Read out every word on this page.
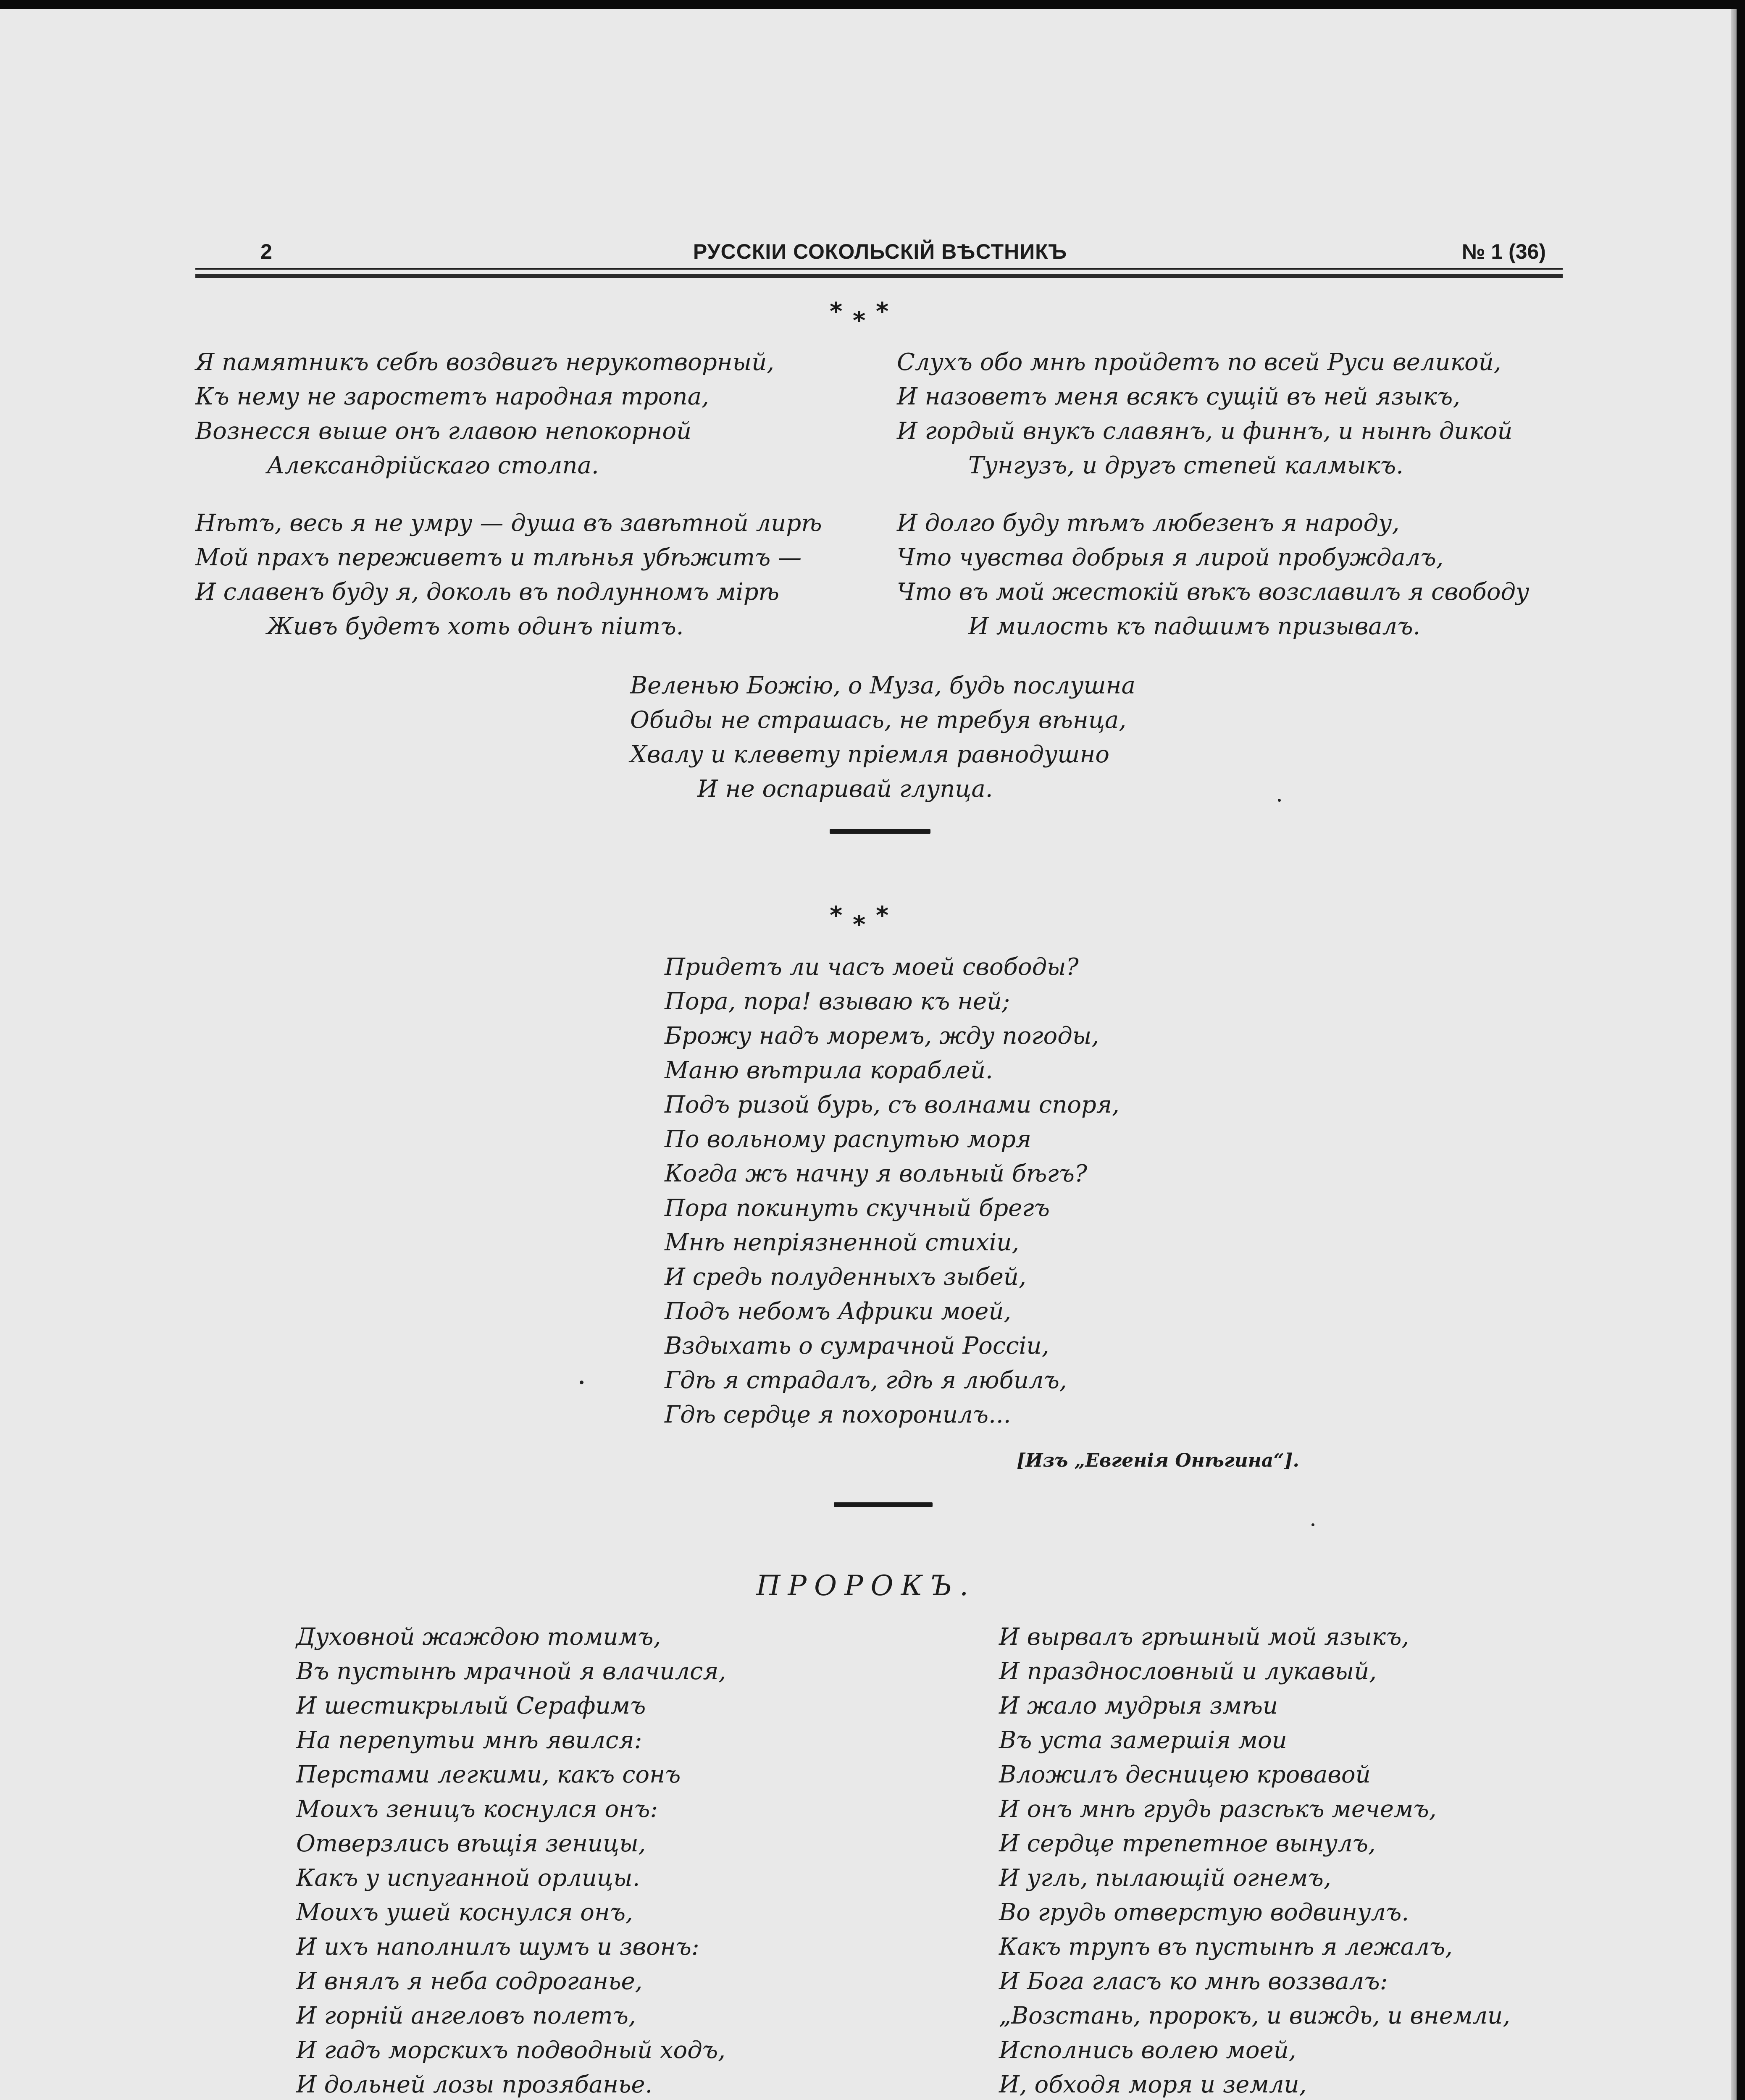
2	РУССКІИ СОКОЛЬСКІЙ ВѢСТНИКЪ	№ 1 (36)
* * *
Я памятникъ себѣ воздвигъ нерукотворный,
Къ нему не заростетъ народная тропа,
Вознесся выше онъ главою непокорной
Александрійскаго столпа.
Нѣтъ, весь я не умру — душа въ завѣтной лирѣ
Мой прахъ переживетъ и тлѣнья убѣжитъ —
И славенъ буду я, доколь въ подлунномъ мірѣ
Живъ будетъ хоть одинъ піитъ.
Слухъ обо мнѣ пройдетъ по всей Руси великой,
И назоветъ меня всякъ сущій въ ней языкъ,
И гордый внукъ славянъ, и финнъ, и нынѣ дикой
Тунгузъ, и другъ степей калмыкъ.
И долго буду тѣмъ любезенъ я народу,
Что чувства добрыя я лирой пробуждалъ,
Что въ мой жестокій вѣкъ возславилъ я свободу
И милость къ падшимъ призывалъ.
Веленью Божію, о Муза, будь послушна
Обиды не страшась, не требуя вѣнца,
Хвалу и клевету пріемля равнодушно
И не оспаривай глупца.
* * *
Придетъ ли часъ моей свободы?
Пора, пора! взываю къ ней;
Брожу надъ моремъ, жду погоды,
Маню вѣтрила кораблей.
Подъ ризой бурь, съ волнами споря,
По вольному распутью моря
Когда жъ начну я вольный бѣгъ?
Пора покинуть скучный брегъ
Мнѣ непріязненной стихіи,
И средь полуденныхъ зыбей,
Подъ небомъ Африки моей,
Вздыхать о сумрачной Россіи,
Гдѣ я страдалъ, гдѣ я любилъ,
Гдѣ сердце я похоронилъ...
[Изъ „Евгенія Онѣгина“].
ПРОРОКЪ.
Духовной жаждою томимъ,
Въ пустынѣ мрачной я влачился,
И шестикрылый Серафимъ
На перепутьи мнѣ явился:
Перстами легкими, какъ сонъ
Моихъ зеницъ коснулся онъ:
Отверзлись вѣщія зеницы,
Какъ у испуганной орлицы.
Моихъ ушей коснулся онъ,
И ихъ наполнилъ шумъ и звонъ:
И внялъ я неба содроганье,
И горній ангеловъ полетъ,
И гадъ морскихъ подводный ходъ,
И дольней лозы прозябанье.
И вырвалъ грѣшный мой языкъ,
И празднословный и лукавый,
И жало мудрыя змѣи
Въ уста замершія мои
Вложилъ десницею кровавой
И онъ мнѣ грудь разсѣкъ мечемъ,
И сердце трепетное вынулъ,
И угль, пылающій огнемъ,
Во грудь отверстую водвинулъ.
Какъ трупъ въ пустынѣ я лежалъ,
И Бога гласъ ко мнѣ воззвалъ:
„Возстань, пророкъ, и виждь, и внемли,
Исполнись волею моей,
И, обходя моря и земли,
